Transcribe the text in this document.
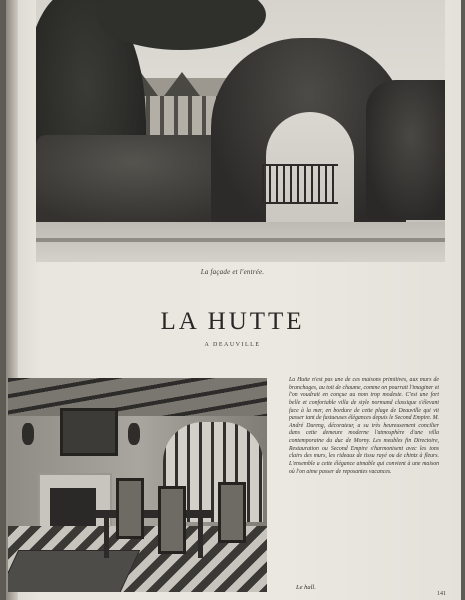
La façade et l'entrée.
LA HUTTE
A DEAUVILLE

La Hutte n'est pas une de ces maisons primitives, aux murs de branchages, au toit de chaume, comme on pourrait l'imaginer et l'on voudrait en conçue au nom trop modeste. C'est une fort belle et confortable villa de style normand classique s'élevant face à la mer, en bordure de cette plage de Deauville qui vit passer tant de fastueuses élégances depuis le Second Empire. M. André Dureng, décorateur, a su très heureusement concilier dans cette demeure moderne l'atmosphère d'une villa contemporaine du duc de Morny. Les meubles fin Directoire, Restauration ou Second Empire s'harmonisent avec les tons clairs des murs, les rideaux de tissu rayé ou de chintz à fleurs. L'ensemble a cette élégance aimable qui convient à une maison où l'on aime passer de reposantes vacances.

Le hall.
141
